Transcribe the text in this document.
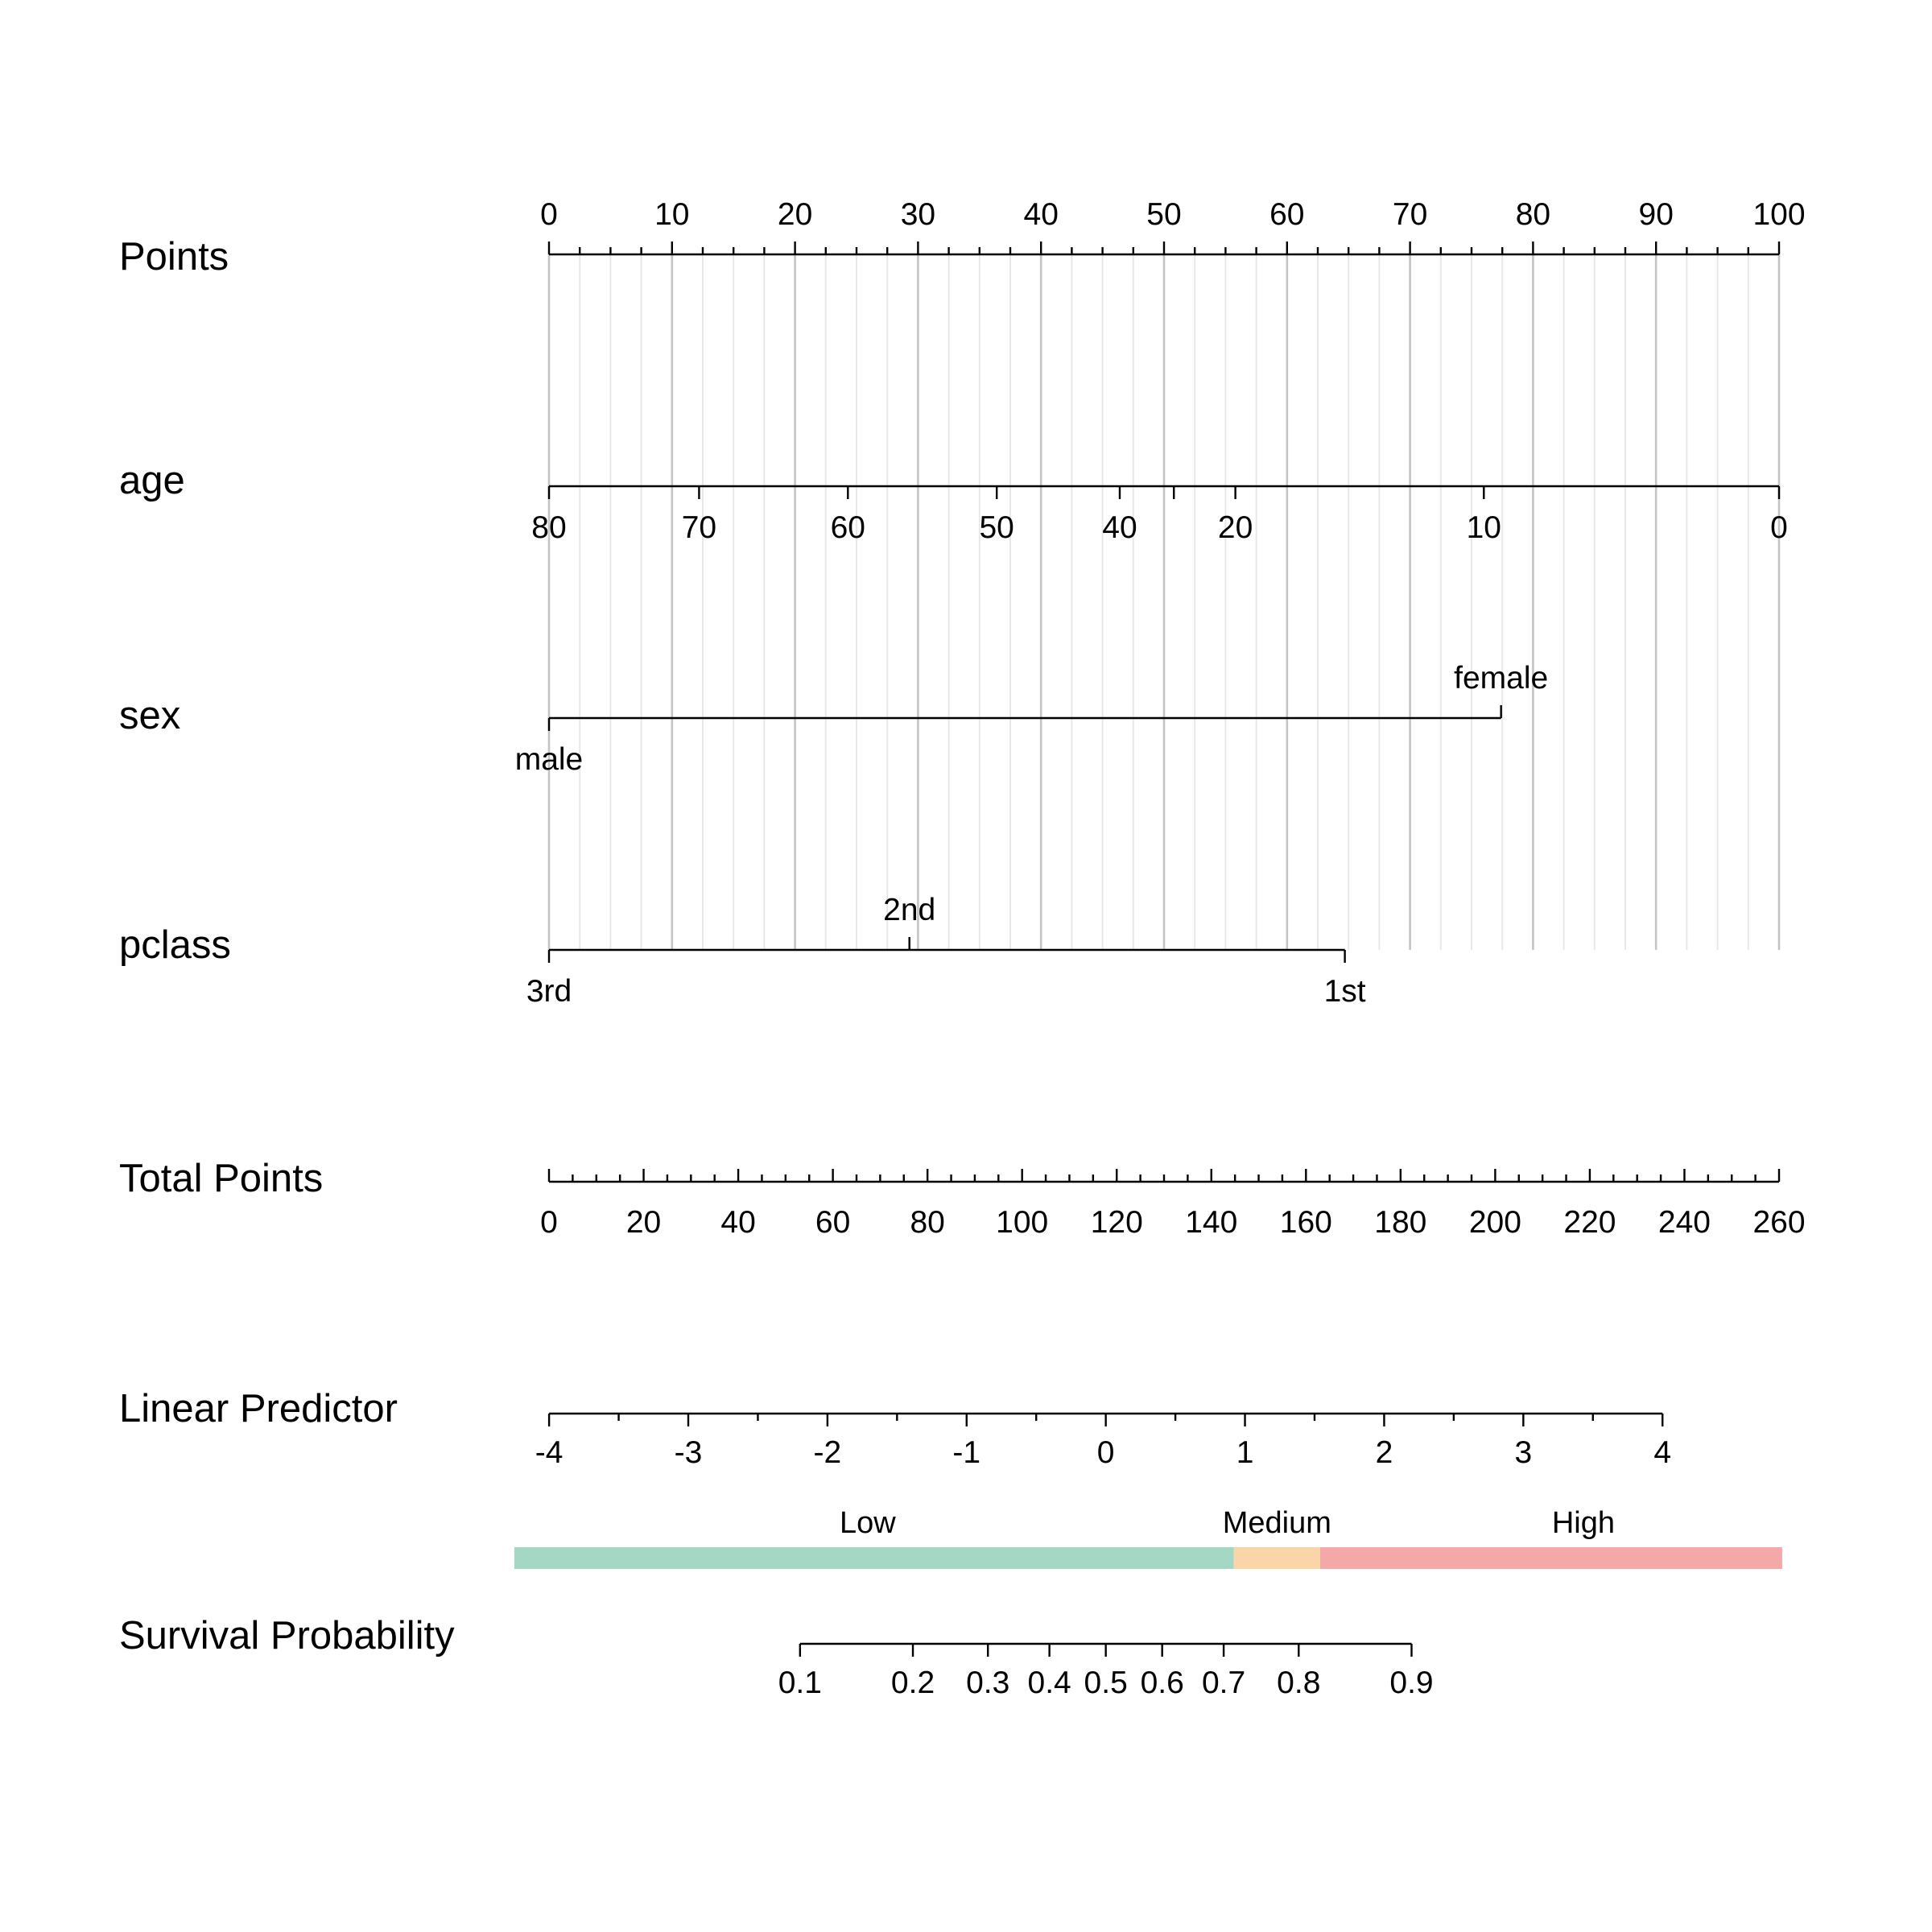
Points
age
sex
pclass
Total Points
Linear Predictor
Survival Probability
0	10	20	30	40	50	60	70	80	90	100
80	70	60	50	40	20	10	0
male
female
3rd
2nd
1st
0 20 40 60 80 100 120 140 160 180 200 220 240 260
-4	-3	-2	-1	0	1	2	3	4
Low	Medium	High
0.1 0.2 0.3 0.4 0.5 0.6 0.7 0.8 0.9
